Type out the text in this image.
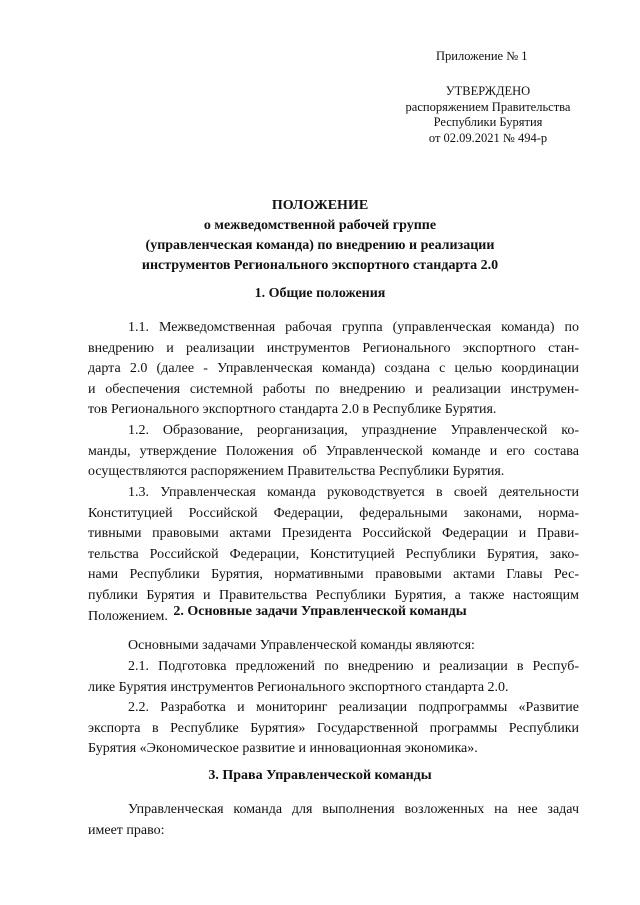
Приложение № 1
УТВЕРЖДЕНО
распоряжением Правительства
Республики Бурятия
от 02.09.2021 № 494-р
ПОЛОЖЕНИЕ
о межведомственной рабочей группе
(управленческая команда) по внедрению и реализации
инструментов Регионального экспортного стандарта 2.0
1. Общие положения
1.1. Межведомственная рабочая группа (управленческая команда) по
внедрению и реализации инструментов Регионального экспортного стан-
дарта 2.0 (далее - Управленческая команда) создана с целью координации
и обеспечения системной работы по внедрению и реализации инструмен-
тов Регионального экспортного стандарта 2.0 в Республике Бурятия.
1.2. Образование, реорганизация, упразднение Управленческой ко-
манды, утверждение Положения об Управленческой команде и его состава
осуществляются распоряжением Правительства Республики Бурятия.
1.3. Управленческая команда руководствуется в своей деятельности
Конституцией Российской Федерации, федеральными законами, норма-
тивными правовыми актами Президента Российской Федерации и Прави-
тельства Российской Федерации, Конституцией Республики Бурятия, зако-
нами Республики Бурятия, нормативными правовыми актами Главы Рес-
публики Бурятия и Правительства Республики Бурятия, а также настоящим
Положением. 2. Основные задачи Управленческой команды
Основными задачами Управленческой команды являются:
2.1. Подготовка предложений по внедрению и реализации в Респуб-
лике Бурятия инструментов Регионального экспортного стандарта 2.0.
2.2. Разработка и мониторинг реализации подпрограммы «Развитие
экспорта в Республике Бурятия» Государственной программы Республики
Бурятия «Экономическое развитие и инновационная экономика».
3. Права Управленческой команды
Управленческая команда для выполнения возложенных на нее задач
имеет право:
